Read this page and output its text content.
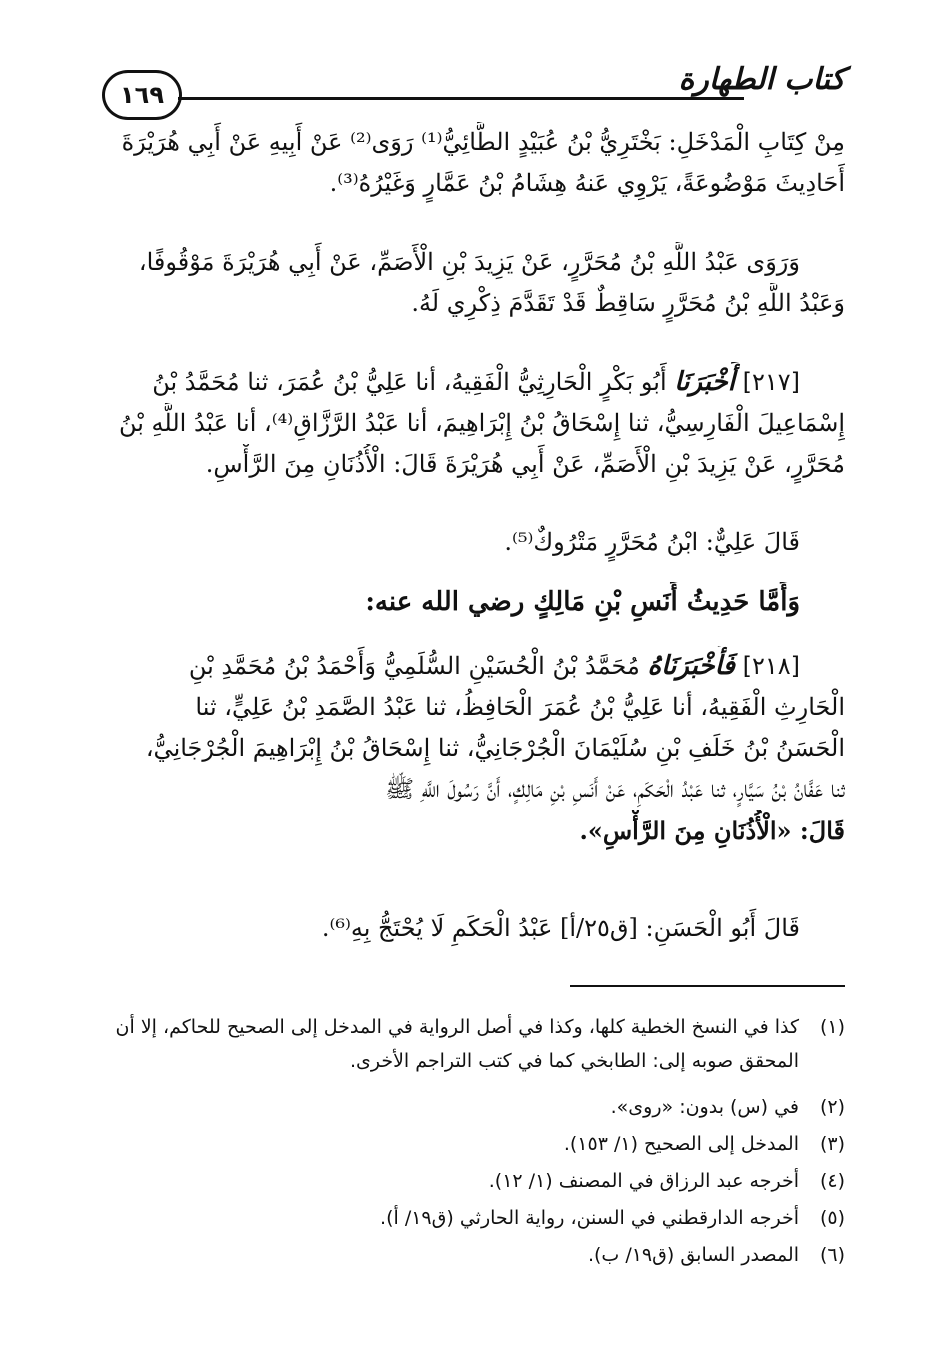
كتاب الطهارة
١٦٩
مِنْ كِتَابِ الْمَدْخَلِ: بَخْتَرِيُّ بْنُ عُبَيْدٍ الطَّائِيُّ⁽¹⁾ رَوَى⁽²⁾ عَنْ أَبِيهِ عَنْ أَبِي هُرَيْرَةَ
أَحَادِيثَ مَوْضُوعَةً، يَرْوِي عَنهُ هِشَامُ بْنُ عَمَّارٍ وَغَيْرُهُ⁽³⁾.
وَرَوَى عَبْدُ اللَّهِ بْنُ مُحَرَّرٍ، عَنْ يَزِيدَ بْنِ الْأَصَمِّ، عَنْ أَبِي هُرَيْرَةَ مَوْقُوفًا،
وَعَبْدُ اللَّهِ بْنُ مُحَرَّرٍ سَاقِطٌ قَدْ تَقَدَّمَ ذِكْرِي لَهُ.
[٢١٧] أَخْبَرَنَا أَبُو بَكْرٍ الْحَارِثِيُّ الْفَقِيهُ، أنا عَلِيُّ بْنُ عُمَرَ، ثنا مُحَمَّدُ بْنُ
إِسْمَاعِيلَ الْفَارِسِيُّ، ثنا إِسْحَاقُ بْنُ إِبْرَاهِيمَ، أنا عَبْدُ الرَّزَّاقِ⁽⁴⁾، أنا عَبْدُ اللَّهِ بْنُ
مُحَرَّرٍ، عَنْ يَزِيدَ بْنِ الْأَصَمِّ، عَنْ أَبِي هُرَيْرَةَ قَالَ: الْأُذُنَانِ مِنَ الرَّأْسِ.
قَالَ عَلِيٌّ: ابْنُ مُحَرَّرٍ مَتْرُوكٌ⁽⁵⁾.
وَأَمَّا حَدِيثُ أَنَسِ بْنِ مَالِكٍ رضي الله عنه:
[٢١٨] فَأَخْبَرَنَاهُ مُحَمَّدُ بْنُ الْحُسَيْنِ السُّلَمِيُّ وَأَحْمَدُ بْنُ مُحَمَّدِ بْنِ
الْحَارِثِ الْفَقِيهُ، أنا عَلِيُّ بْنُ عُمَرَ الْحَافِظُ، ثنا عَبْدُ الصَّمَدِ بْنُ عَلِيٍّ، ثنا
الْحَسَنُ بْنُ خَلَفِ بْنِ سُلَيْمَانَ الْجُرْجَانِيُّ، ثنا إِسْحَاقُ بْنُ إِبْرَاهِيمَ الْجُرْجَانِيُّ،
ثنا عَفَّانُ بْنُ سَيَّارٍ، ثنا عَبْدُ الْحَكَمِ، عَنْ أَنَسِ بْنِ مَالِكٍ، أَنَّ رَسُولَ اللَّهِ ﷺ
قَالَ: «الْأُذُنَانِ مِنَ الرَّأْسِ».
قَالَ أَبُو الْحَسَنِ: [ق٢٥/أ] عَبْدُ الْحَكَمِ لَا يُحْتَجُّ بِهِ⁽⁶⁾.
(١)كذا في النسخ الخطية كلها، وكذا في أصل الرواية في المدخل إلى الصحيح للحاكم، إلا أن
المحقق صوبه إلى: الطابخي كما في كتب التراجم الأخرى.
(٢)في (س) بدون: «روى».
(٣)المدخل إلى الصحيح (١/ ١٥٣).
(٤)أخرجه عبد الرزاق في المصنف (١/ ١٢).
(٥)أخرجه الدارقطني في السنن، رواية الحارثي (ق١٩/ أ).
(٦)المصدر السابق (ق١٩/ ب).
